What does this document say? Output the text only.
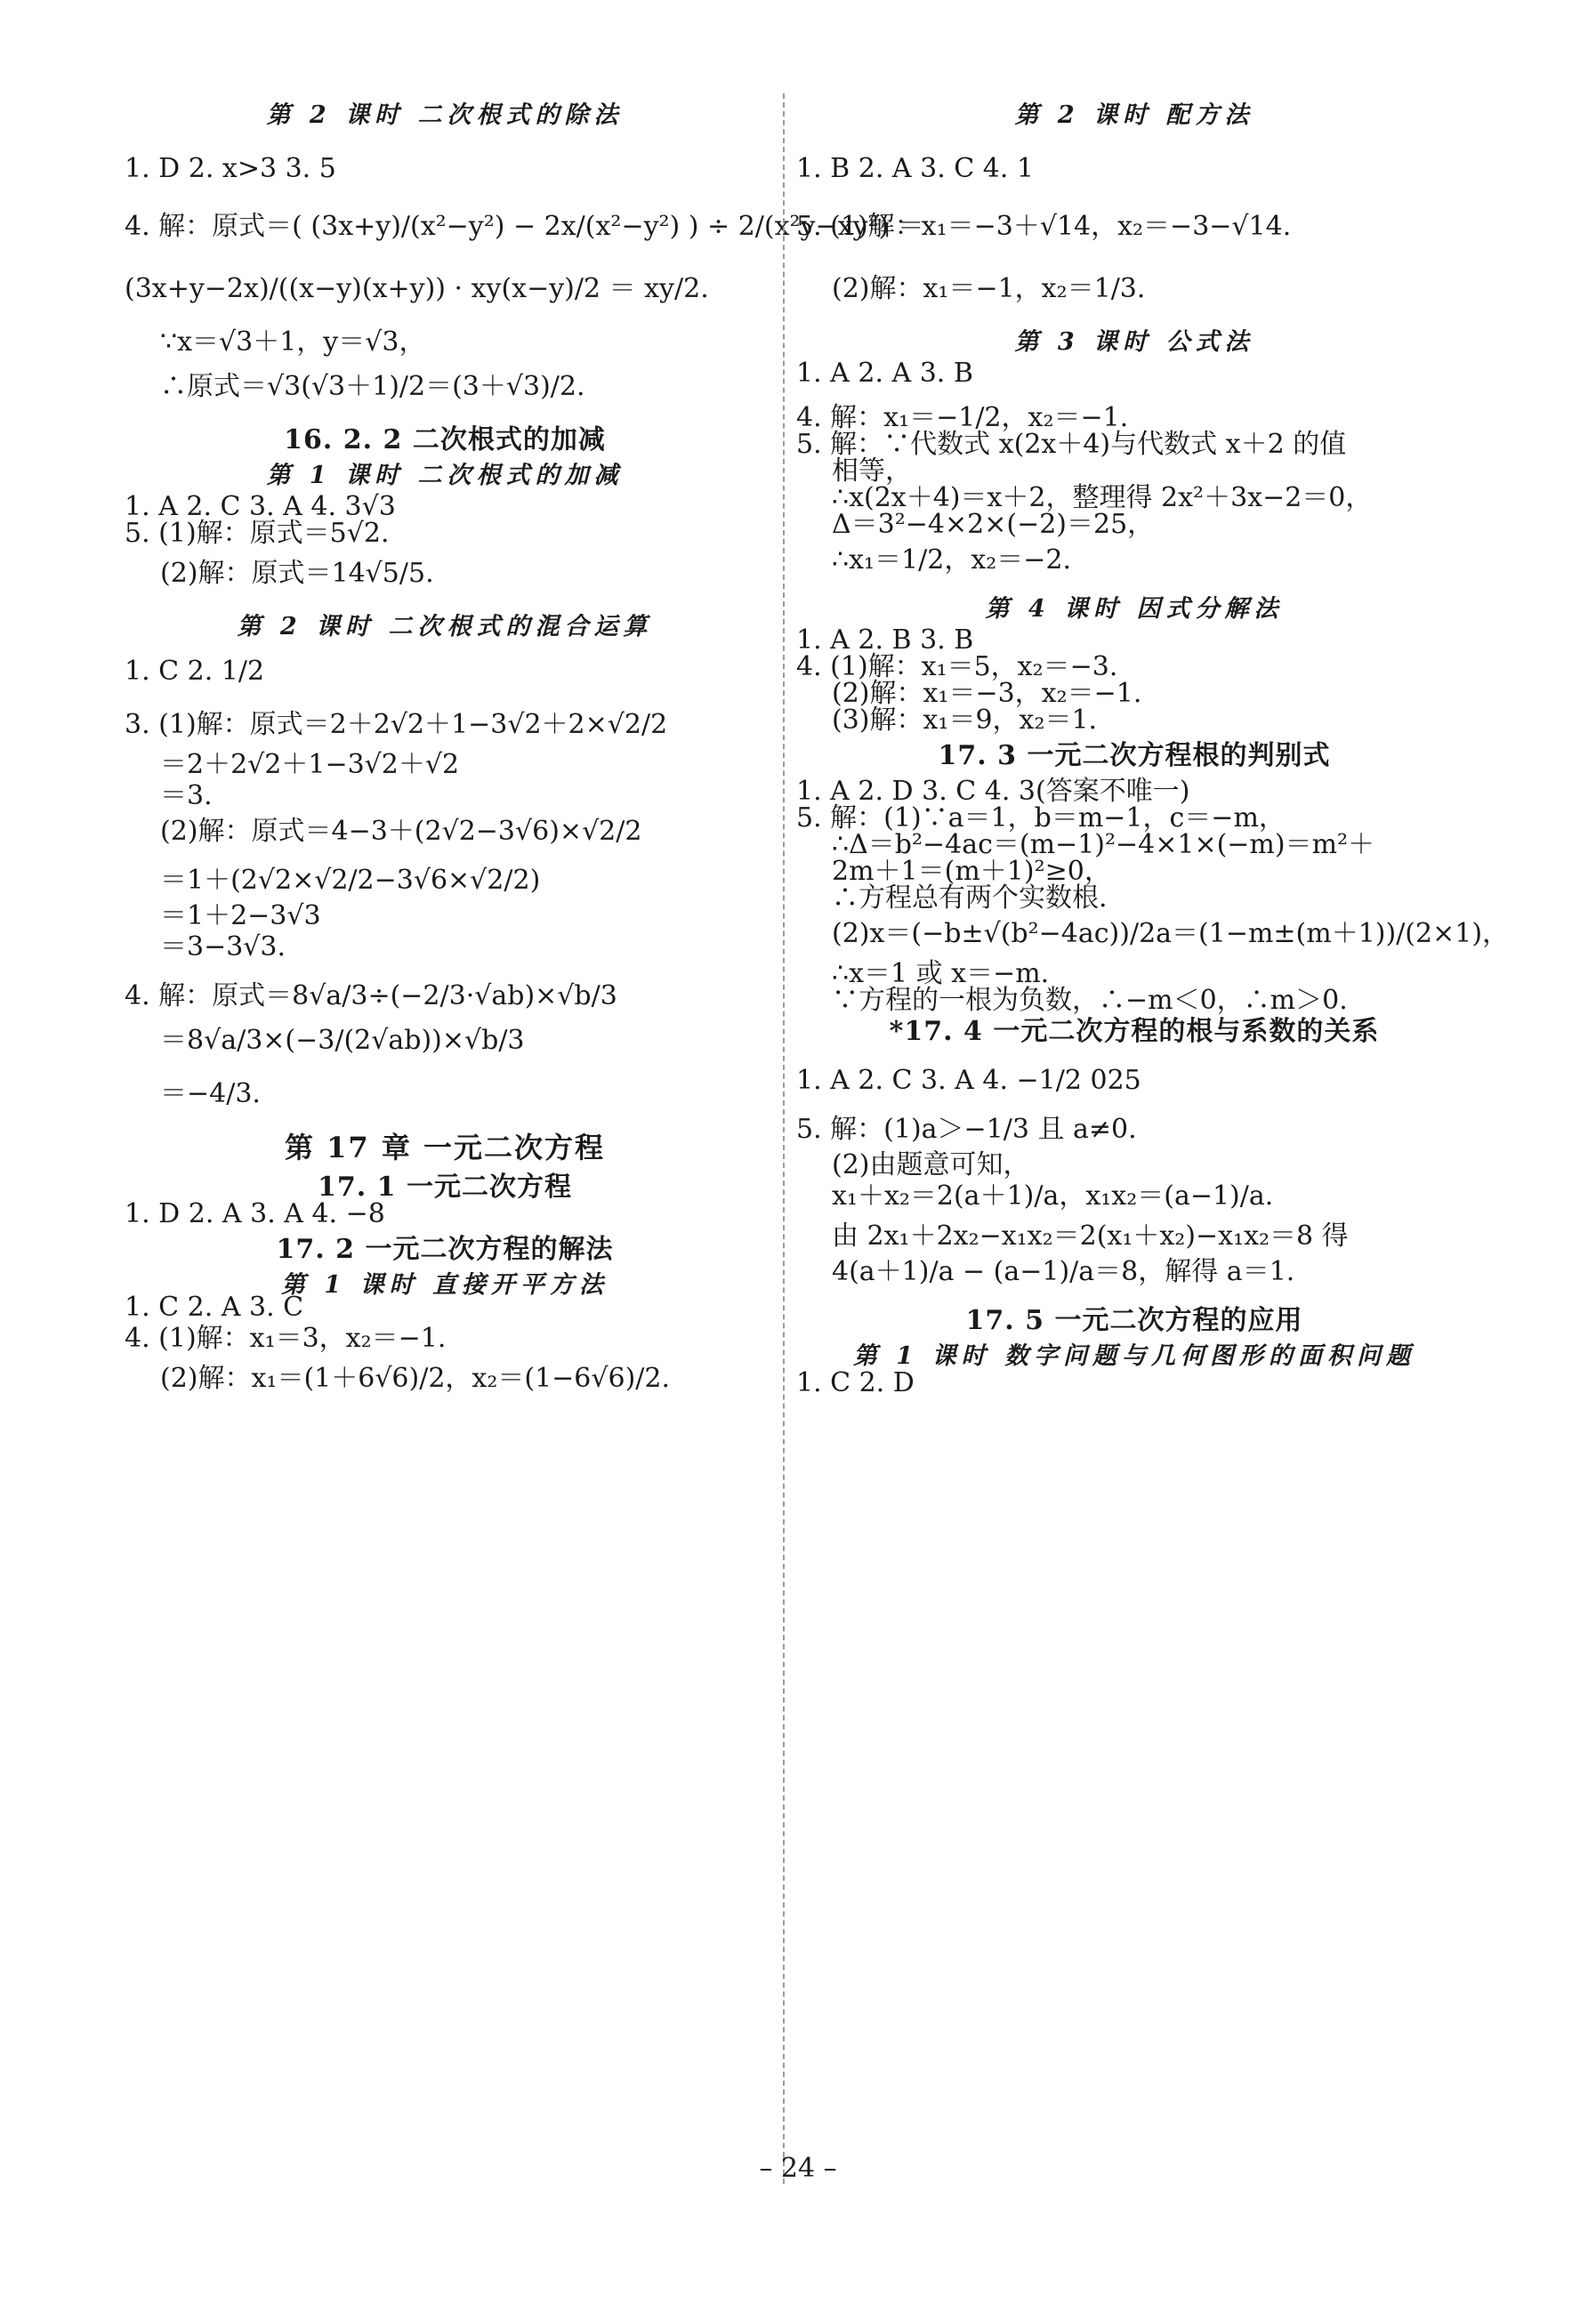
第 2 课时 二次根式的除法
1. D 2. x>3 3. 5
4. 解：原式＝( (3x+y)/(x²−y²) − 2x/(x²−y²) ) ÷ 2/(x²y−xy²) ＝
(3x+y−2x)/((x−y)(x+y)) · xy(x−y)/2 ＝ xy/2.
∵x＝√3＋1，y＝√3，
∴原式＝√3(√3＋1)/2＝(3＋√3)/2.
16. 2. 2 二次根式的加减
第 1 课时 二次根式的加减
1. A 2. C 3. A 4. 3√3
5. (1)解：原式＝5√2.
(2)解：原式＝14√5/5.
第 2 课时 二次根式的混合运算
1. C 2. 1/2
3. (1)解：原式＝2＋2√2＋1−3√2＋2×√2/2
＝2＋2√2＋1−3√2＋√2
＝3.
(2)解：原式＝4−3＋(2√2−3√6)×√2/2
＝1＋(2√2×√2/2−3√6×√2/2)
＝1＋2−3√3
＝3−3√3.
4. 解：原式＝8√a/3÷(−2/3·√ab)×√b/3
＝8√a/3×(−3/(2√ab))×√b/3
＝−4/3.
第 17 章 一元二次方程
17. 1 一元二次方程
1. D 2. A 3. A 4. −8
17. 2 一元二次方程的解法
第 1 课时 直接开平方法
1. C 2. A 3. C
4. (1)解：x₁＝3，x₂＝−1.
(2)解：x₁＝(1＋6√6)/2，x₂＝(1−6√6)/2.
第 2 课时 配方法
1. B 2. A 3. C 4. 1
5. (1)解：x₁＝−3＋√14，x₂＝−3−√14.
(2)解：x₁＝−1，x₂＝1/3.
第 3 课时 公式法
1. A 2. A 3. B
4. 解：x₁＝−1/2，x₂＝−1.
5. 解：∵代数式 x(2x＋4)与代数式 x＋2 的值
相等，
∴x(2x＋4)＝x＋2，整理得 2x²＋3x−2＝0，
Δ＝3²−4×2×(−2)＝25，
∴x₁＝1/2，x₂＝−2.
第 4 课时 因式分解法
1. A 2. B 3. B
4. (1)解：x₁＝5，x₂＝−3.
(2)解：x₁＝−3，x₂＝−1.
(3)解：x₁＝9，x₂＝1.
17. 3 一元二次方程根的判别式
1. A 2. D 3. C 4. 3(答案不唯一)
5. 解：(1)∵a＝1，b＝m−1，c＝−m，
∴Δ＝b²−4ac＝(m−1)²−4×1×(−m)＝m²＋
2m＋1＝(m＋1)²≥0，
∴方程总有两个实数根.
(2)x＝(−b±√(b²−4ac))/2a＝(1−m±(m＋1))/(2×1)，
∴x＝1 或 x＝−m.
∵方程的一根为负数，∴−m＜0，∴m＞0.
*17. 4 一元二次方程的根与系数的关系
1. A 2. C 3. A 4. −1/2 025
5. 解：(1)a＞−1/3 且 a≠0.
(2)由题意可知，
x₁＋x₂＝2(a＋1)/a，x₁x₂＝(a−1)/a.
由 2x₁＋2x₂−x₁x₂＝2(x₁＋x₂)−x₁x₂＝8 得
4(a＋1)/a − (a−1)/a＝8，解得 a＝1.
17. 5 一元二次方程的应用
第 1 课时 数字问题与几何图形的面积问题
1. C 2. D
– 24 –
